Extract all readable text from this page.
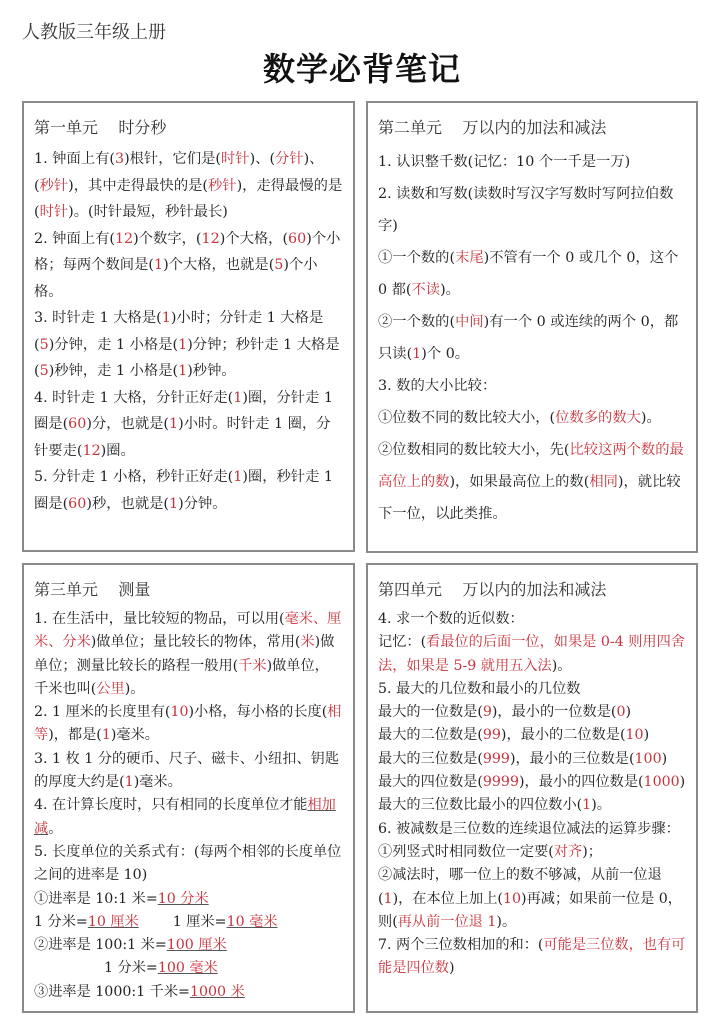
人教版三年级上册
数学必背笔记
第一单元    时分秒

1. 钟面上有(3)根针，它们是(时针)、(分针)、(秒针)，其中走得最快的是(秒针)，走得最慢的是(时针)。(时针最短，秒针最长)

2. 钟面上有(12)个数字，(12)个大格，(60)个小格；每两个数间是(1)个大格，也就是(5)个小格。

3. 时针走 1 大格是(1)小时；分针走 1 大格是(5)分钟，走 1 小格是(1)分钟；秒针走 1 大格是(5)秒钟，走 1 小格是(1)秒钟。

4. 时针走 1 大格，分针正好走(1)圈，分针走 1 圈是(60)分，也就是(1)小时。时针走 1 圈，分针要走(12)圈。

5. 分针走 1 小格，秒针正好走(1)圈，秒针走 1 圈是(60)秒，也就是(1)分钟。

第二单元    万以内的加法和减法

1. 认识整千数(记忆：10 个一千是一万)

2. 读数和写数(读数时写汉字写数时写阿拉伯数字)

①一个数的(末尾)不管有一个 0 或几个 0，这个 0 都(不读)。

②一个数的(中间)有一个 0 或连续的两个 0，都只读(1)个 0。

3. 数的大小比较：

①位数不同的数比较大小，(位数多的数大)。

②位数相同的数比较大小，先(比较这两个数的最高位上的数)，如果最高位上的数(相同)，就比较下一位，以此类推。

第三单元    测量

1. 在生活中，量比较短的物品，可以用(毫米、厘米、分米)做单位；量比较长的物体，常用(米)做单位；测量比较长的路程一般用(千米)做单位，千米也叫(公里)。

2. 1 厘米的长度里有(10)小格，每小格的长度(相等)，都是(1)毫米。

3. 1 枚 1 分的硬币、尺子、磁卡、小纽扣、钥匙的厚度大约是(1)毫米。

4. 在计算长度时，只有相同的长度单位才能相加减。

5. 长度单位的关系式有：(每两个相邻的长度单位之间的进率是 10)

①进率是 10:1 米=10 分米

1 分米=10 厘米 1 厘米=10 毫米

②进率是 100:1 米=100 厘米

1 分米=100 毫米

③进率是 1000:1 千米=1000 米

第四单元    万以内的加法和减法

4. 求一个数的近似数：

记忆：(看最位的后面一位，如果是 0-4 则用四舍法，如果是 5-9 就用五入法)。

5. 最大的几位数和最小的几位数

最大的一位数是(9)，最小的一位数是(0)

最大的二位数是(99)，最小的二位数是(10)

最大的三位数是(999)，最小的三位数是(100)

最大的四位数是(9999)，最小的四位数是(1000)

最大的三位数比最小的四位数小(1)。

6. 被减数是三位数的连续退位减法的运算步骤：

①列竖式时相同数位一定要(对齐)；

②减法时，哪一位上的数不够减，从前一位退(1)，在本位上加上(10)再减；如果前一位是 0，则(再从前一位退 1)。

7. 两个三位数相加的和：(可能是三位数，也有可能是四位数)
